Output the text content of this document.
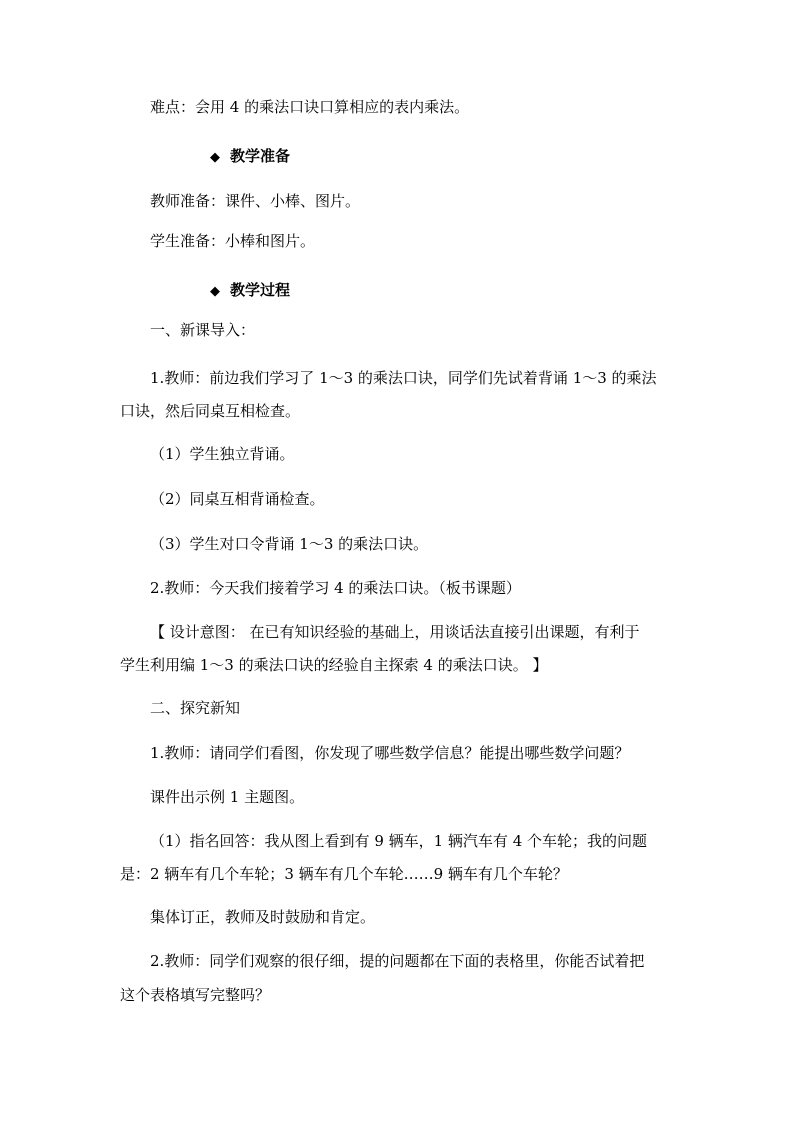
难点：会用 4 的乘法口诀口算相应的表内乘法。
◆ 教学准备
教师准备：课件、小棒、图片。
学生准备：小棒和图片。
◆ 教学过程
一、新课导入：
1.教师：前边我们学习了 1～3 的乘法口诀，同学们先试着背诵 1～3 的乘法
口诀，然后同桌互相检查。
（1）学生独立背诵。
（2）同桌互相背诵检查。
（3）学生对口令背诵 1～3 的乘法口诀。
2.教师：今天我们接着学习 4 的乘法口诀。（板书课题）
【 设计意图： 在已有知识经验的基础上，用谈话法直接引出课题，有利于
学生利用编 1～3 的乘法口诀的经验自主探索 4 的乘法口诀。 】
二、探究新知
1.教师：请同学们看图，你发现了哪些数学信息？能提出哪些数学问题？
课件出示例 1 主题图。
（1）指名回答：我从图上看到有 9 辆车，1 辆汽车有 4 个车轮；我的问题
是：2 辆车有几个车轮；3 辆车有几个车轮……9 辆车有几个车轮？
集体订正，教师及时鼓励和肯定。
2.教师：同学们观察的很仔细，提的问题都在下面的表格里，你能否试着把
这个表格填写完整吗？
